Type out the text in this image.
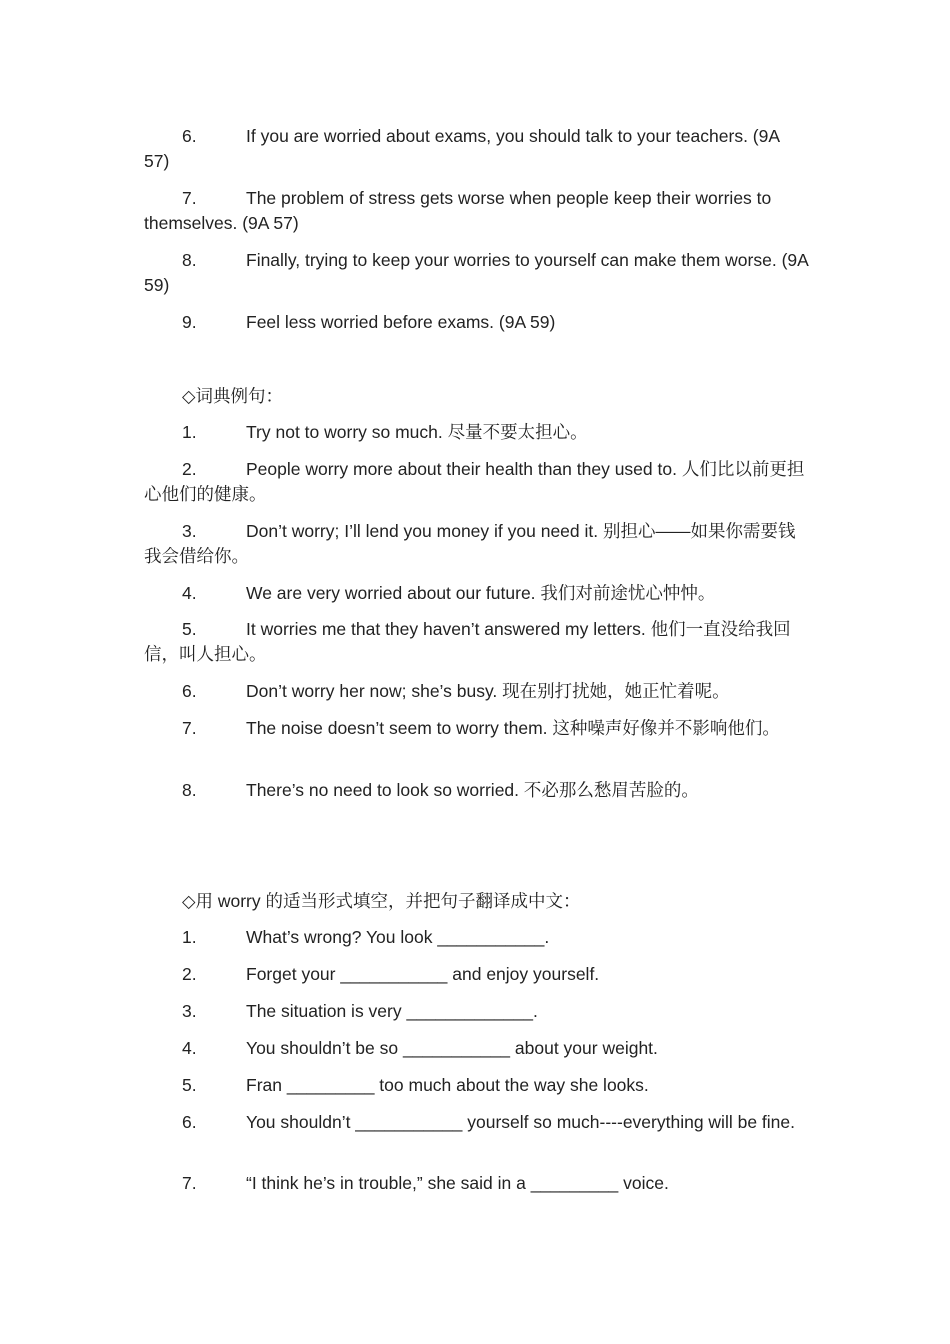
6.	If you are worried about exams, you should talk to your teachers. (9A 57)

7.	The problem of stress gets worse when people keep their worries to themselves. (9A 57)

8.	Finally, trying to keep your worries to yourself can make them worse. (9A 59)

9.	Feel less worried before exams. (9A 59)

◇词典例句：

1.	Try not to worry so much. 尽量不要太担心。

2.	People worry more about their health than they used to. 人们比以前更担心他们的健康。

3.	Don’t worry; I’ll lend you money if you need it. 别担心——如果你需要钱我会借给你。

4.	We are very worried about our future. 我们对前途忧心忡忡。

5.	It worries me that they haven’t answered my letters. 他们一直没给我回信，叫人担心。

6.	Don’t worry her now; she’s busy. 现在别打扰她，她正忙着呢。

7.	The noise doesn’t seem to worry them. 这种噪声好像并不影响他们。

8.	There’s no need to look so worried. 不必那么愁眉苦脸的。

◇用 worry 的适当形式填空，并把句子翻译成中文：

1.	What’s wrong? You look ___________.

2.	Forget your ___________ and enjoy yourself.

3.	The situation is very _____________.

4.	You shouldn’t be so ___________ about your weight.

5.	Fran _________ too much about the way she looks.

6.	You shouldn’t ___________ yourself so much----everything will be fine.

7.	“I think he’s in trouble,” she said in a _________ voice.
